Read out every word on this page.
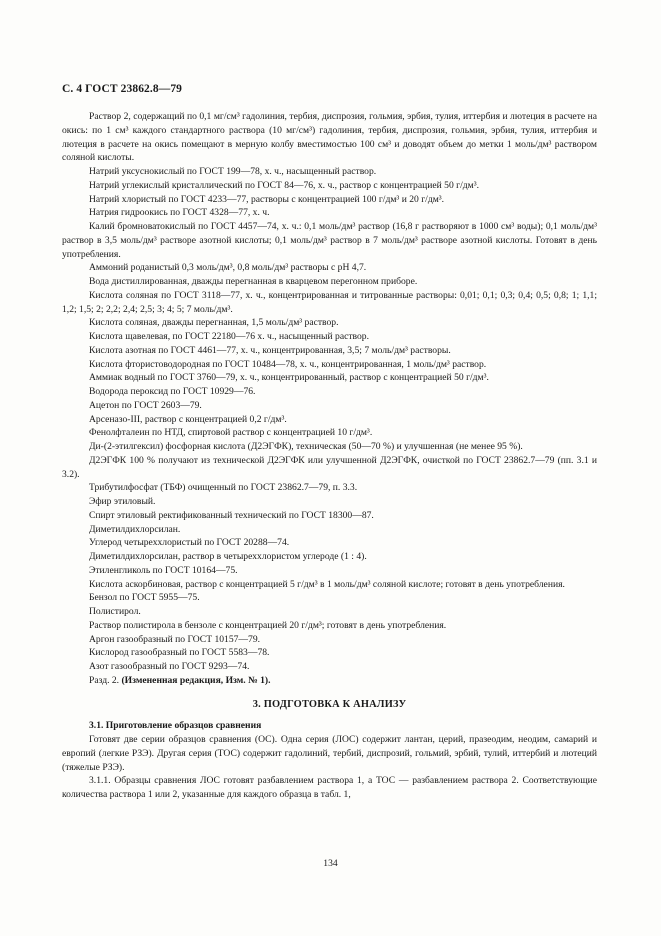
С. 4 ГОСТ 23862.8—79

Раствор 2, содержащий по 0,1 мг/см³ гадолиния, тербия, диспрозия, гольмия, эрбия, тулия, иттербия и лютеция в расчете на окись: по 1 см³ каждого стандартного раствора (10 мг/см³) гадолиния, тербия, диспрозия, гольмия, эрбия, тулия, иттербия и лютеция в расчете на окись помещают в мерную колбу вместимостью 100 см³ и доводят объем до метки 1 моль/дм³ раствором соляной кислоты.

Натрий уксуснокислый по ГОСТ 199—78, х. ч., насыщенный раствор.

Натрий углекислый кристаллический по ГОСТ 84—76, х. ч., раствор с концентрацией 50 г/дм³.

Натрий хлористый по ГОСТ 4233—77, растворы с концентрацией 100 г/дм³ и 20 г/дм³.

Натрия гидроокись по ГОСТ 4328—77, х. ч.

Калий бромноватокислый по ГОСТ 4457—74, х. ч.: 0,1 моль/дм³ раствор (16,8 г растворяют в 1000 см³ воды); 0,1 моль/дм³ раствор в 3,5 моль/дм³ растворе азотной кислоты; 0,1 моль/дм³ раствор в 7 моль/дм³ растворе азотной кислоты. Готовят в день употребления.

Аммоний роданистый 0,3 моль/дм³, 0,8 моль/дм³ растворы с рН 4,7.

Вода дистиллированная, дважды перегнанная в кварцевом перегонном приборе.

Кислота соляная по ГОСТ 3118—77, х. ч., концентрированная и титрованные растворы: 0,01; 0,1; 0,3; 0,4; 0,5; 0,8; 1; 1,1; 1,2; 1,5; 2; 2,2; 2,4; 2,5; 3; 4; 5; 7 моль/дм³.

Кислота соляная, дважды перегнанная, 1,5 моль/дм³ раствор.

Кислота щавелевая, по ГОСТ 22180—76 х. ч., насыщенный раствор.

Кислота азотная по ГОСТ 4461—77, х. ч., концентрированная, 3,5; 7 моль/дм³ растворы.

Кислота фтористоводородная по ГОСТ 10484—78, х. ч., концентрированная, 1 моль/дм³ раствор.

Аммиак водный по ГОСТ 3760—79, х. ч., концентрированный, раствор с концентрацией 50 г/дм³.

Водорода пероксид по ГОСТ 10929—76.

Ацетон по ГОСТ 2603—79.

Арсеназо-III, раствор с концентрацией 0,2 г/дм³.

Фенолфталеин по НТД, спиртовой раствор с концентрацией 10 г/дм³.

Ди-(2-этилгексил) фосфорная кислота (Д2ЭГФК), техническая (50—70 %) и улучшенная (не менее 95 %).

Д2ЭГФК 100 % получают из технической Д2ЭГФК или улучшенной Д2ЭГФК, очисткой по ГОСТ 23862.7—79 (пп. 3.1 и 3.2).

Трибутилфосфат (ТБФ) очищенный по ГОСТ 23862.7—79, п. 3.3.

Эфир этиловый.

Спирт этиловый ректификованный технический по ГОСТ 18300—87.

Диметилдихлорсилан.

Углерод четыреххлористый по ГОСТ 20288—74.

Диметилдихлорсилан, раствор в четыреххлористом углероде (1 : 4).

Этиленгликоль по ГОСТ 10164—75.

Кислота аскорбиновая, раствор с концентрацией 5 г/дм³ в 1 моль/дм³ соляной кислоте; готовят в день употребления.

Бензол по ГОСТ 5955—75.

Полистирол.

Раствор полистирола в бензоле с концентрацией 20 г/дм³; готовят в день употребления.

Аргон газообразный по ГОСТ 10157—79.

Кислород газообразный по ГОСТ 5583—78.

Азот газообразный по ГОСТ 9293—74.

Разд. 2. (Измененная редакция, Изм. № 1).

3. ПОДГОТОВКА К АНАЛИЗУ

3.1. Приготовление образцов сравнения

Готовят две серии образцов сравнения (ОС). Одна серия (ЛОС) содержит лантан, церий, празеодим, неодим, самарий и европий (легкие РЗЭ). Другая серия (ТОС) содержит гадолиний, тербий, диспрозий, гольмий, эрбий, тулий, иттербий и лютеций (тяжелые РЗЭ).

3.1.1. Образцы сравнения ЛОС готовят разбавлением раствора 1, а ТОС — разбавлением раствора 2. Соответствующие количества раствора 1 или 2, указанные для каждого образца в табл. 1,

134
